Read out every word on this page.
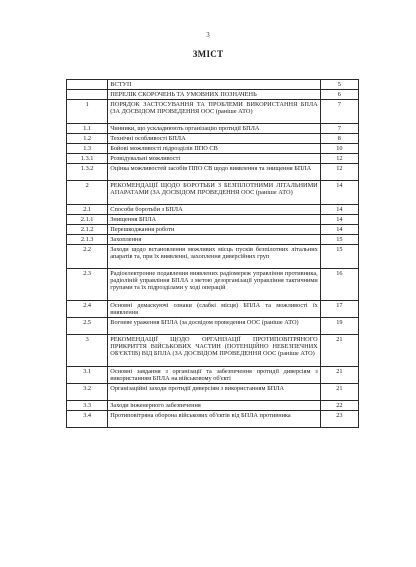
3
ЗМІСТ
	ВСТУП	5
	ПЕРЕЛІК СКОРОЧЕНЬ ТА УМОВНИХ ПОЗНАЧЕНЬ	6
1	ПОРЯДОК ЗАСТОСУВАННЯ ТА ПРОБЛЕМИ ВИКОРИСТАННЯ БПЛА (ЗА ДОСВІДОМ ПРОВЕДЕННЯ ООС (раніше АТО)	7
1.1	Чинники, що ускладнюють організацію протидії БПЛА	7
1.2	Технічні особливості БПЛА	8
1.3	Бойові можливості підрозділів ППО СВ	10
1.3.1	Розвідувальні можливості	12
1.3.2	Оцінка можливостей засобів ППО СВ щодо виявлення та знищення БПЛА	12
2	РЕКОМЕНДАЦІЇ ЩОДО БОРОТЬБИ З БЕЗПІЛОТНИМИ ЛІТАЛЬНИМИ АПАРАТАМИ (ЗА ДОСВІДОМ ПРОВЕДЕННЯ ООС (раніше АТО)	14
2.1	Способи боротьби з БПЛА	14
2.1.1	Знищення БПЛА	14
2.1.2	Перешкоджання роботи	14
2.1.3	Захоплення	15
2.2	Заходи щодо встановлення можливих місць пусків безпілотних літальних апаратів та, при їх виявленні, захоплення диверсійних груп	15
2.3	Радіоелектронне подавлення виявлених радіомереж управління противника, радіоліній управління БПЛА з метою дезорганізації управління тактичними групами та їх підрозділами у ході операцій	16
2.4	Основні демаскуючі ознаки (слабкі місця) БПЛА та можливості їх виявлення	17
2.5	Вогневе ураження БПЛА (за досвідом проведення ООС (раніше АТО)	19
3	РЕКОМЕНДАЦІЇ ЩОДО ОРГАНІЗАЦІЇ ПРОТИПОВІТРЯНОГО ПРИКРИТТЯ ВІЙСЬКОВИХ ЧАСТИН (ПОТЕНЦІЙНО НЕБЕЗПЕЧНИХ ОБ'ЄКТІВ) ВІД БПЛА (ЗА ДОСВІДОМ ПРОВЕДЕННЯ ООС (раніше АТО)	21
3.1	Основні завдання з організації та забезпечення протидії диверсіям з використанням БПЛА на військовому об'єкті	21
3.2	Організаційні заходи протидії диверсіям з використанням БПЛА	21
3.3	Заходи інженерного забезпечення	22
3.4	Протиповітряна оборона військових об'єктів від БПЛА противника	23
